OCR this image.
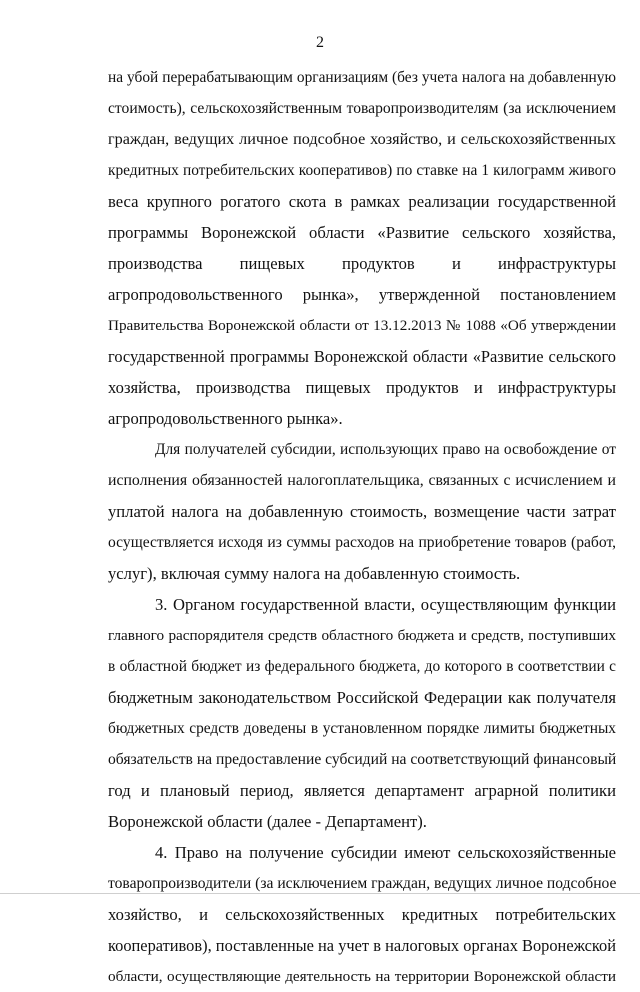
2
на убой перерабатывающим организациям (без учета налога на добавленную
стоимость), сельскохозяйственным товаропроизводителям (за исключением
граждан, ведущих личное подсобное хозяйство, и сельскохозяйственных
кредитных потребительских кооперативов) по ставке на 1 килограмм живого
веса крупного рогатого скота в рамках реализации государственной
программы Воронежской области «Развитие сельского хозяйства,
производства пищевых продуктов и инфраструктуры
агропродовольственного рынка», утвержденной постановлением
Правительства Воронежской области от 13.12.2013 № 1088 «Об утверждении
государственной программы Воронежской области «Развитие сельского
хозяйства, производства пищевых продуктов и инфраструктуры
агропродовольственного рынка».
Для получателей субсидии, использующих право на освобождение от
исполнения обязанностей налогоплательщика, связанных с исчислением и
уплатой налога на добавленную стоимость, возмещение части затрат
осуществляется исходя из суммы расходов на приобретение товаров (работ,
услуг), включая сумму налога на добавленную стоимость.
3. Органом государственной власти, осуществляющим функции
главного распорядителя средств областного бюджета и средств, поступивших
в областной бюджет из федерального бюджета, до которого в соответствии с
бюджетным законодательством Российской Федерации как получателя
бюджетных средств доведены в установленном порядке лимиты бюджетных
обязательств на предоставление субсидий на соответствующий финансовый
год и плановый период, является департамент аграрной политики
Воронежской области (далее - Департамент).
4. Право на получение субсидии имеют сельскохозяйственные
товаропроизводители (за исключением граждан, ведущих личное подсобное
хозяйство, и сельскохозяйственных кредитных потребительских
кооперативов), поставленные на учет в налоговых органах Воронежской
области, осуществляющие деятельность на территории Воронежской области
